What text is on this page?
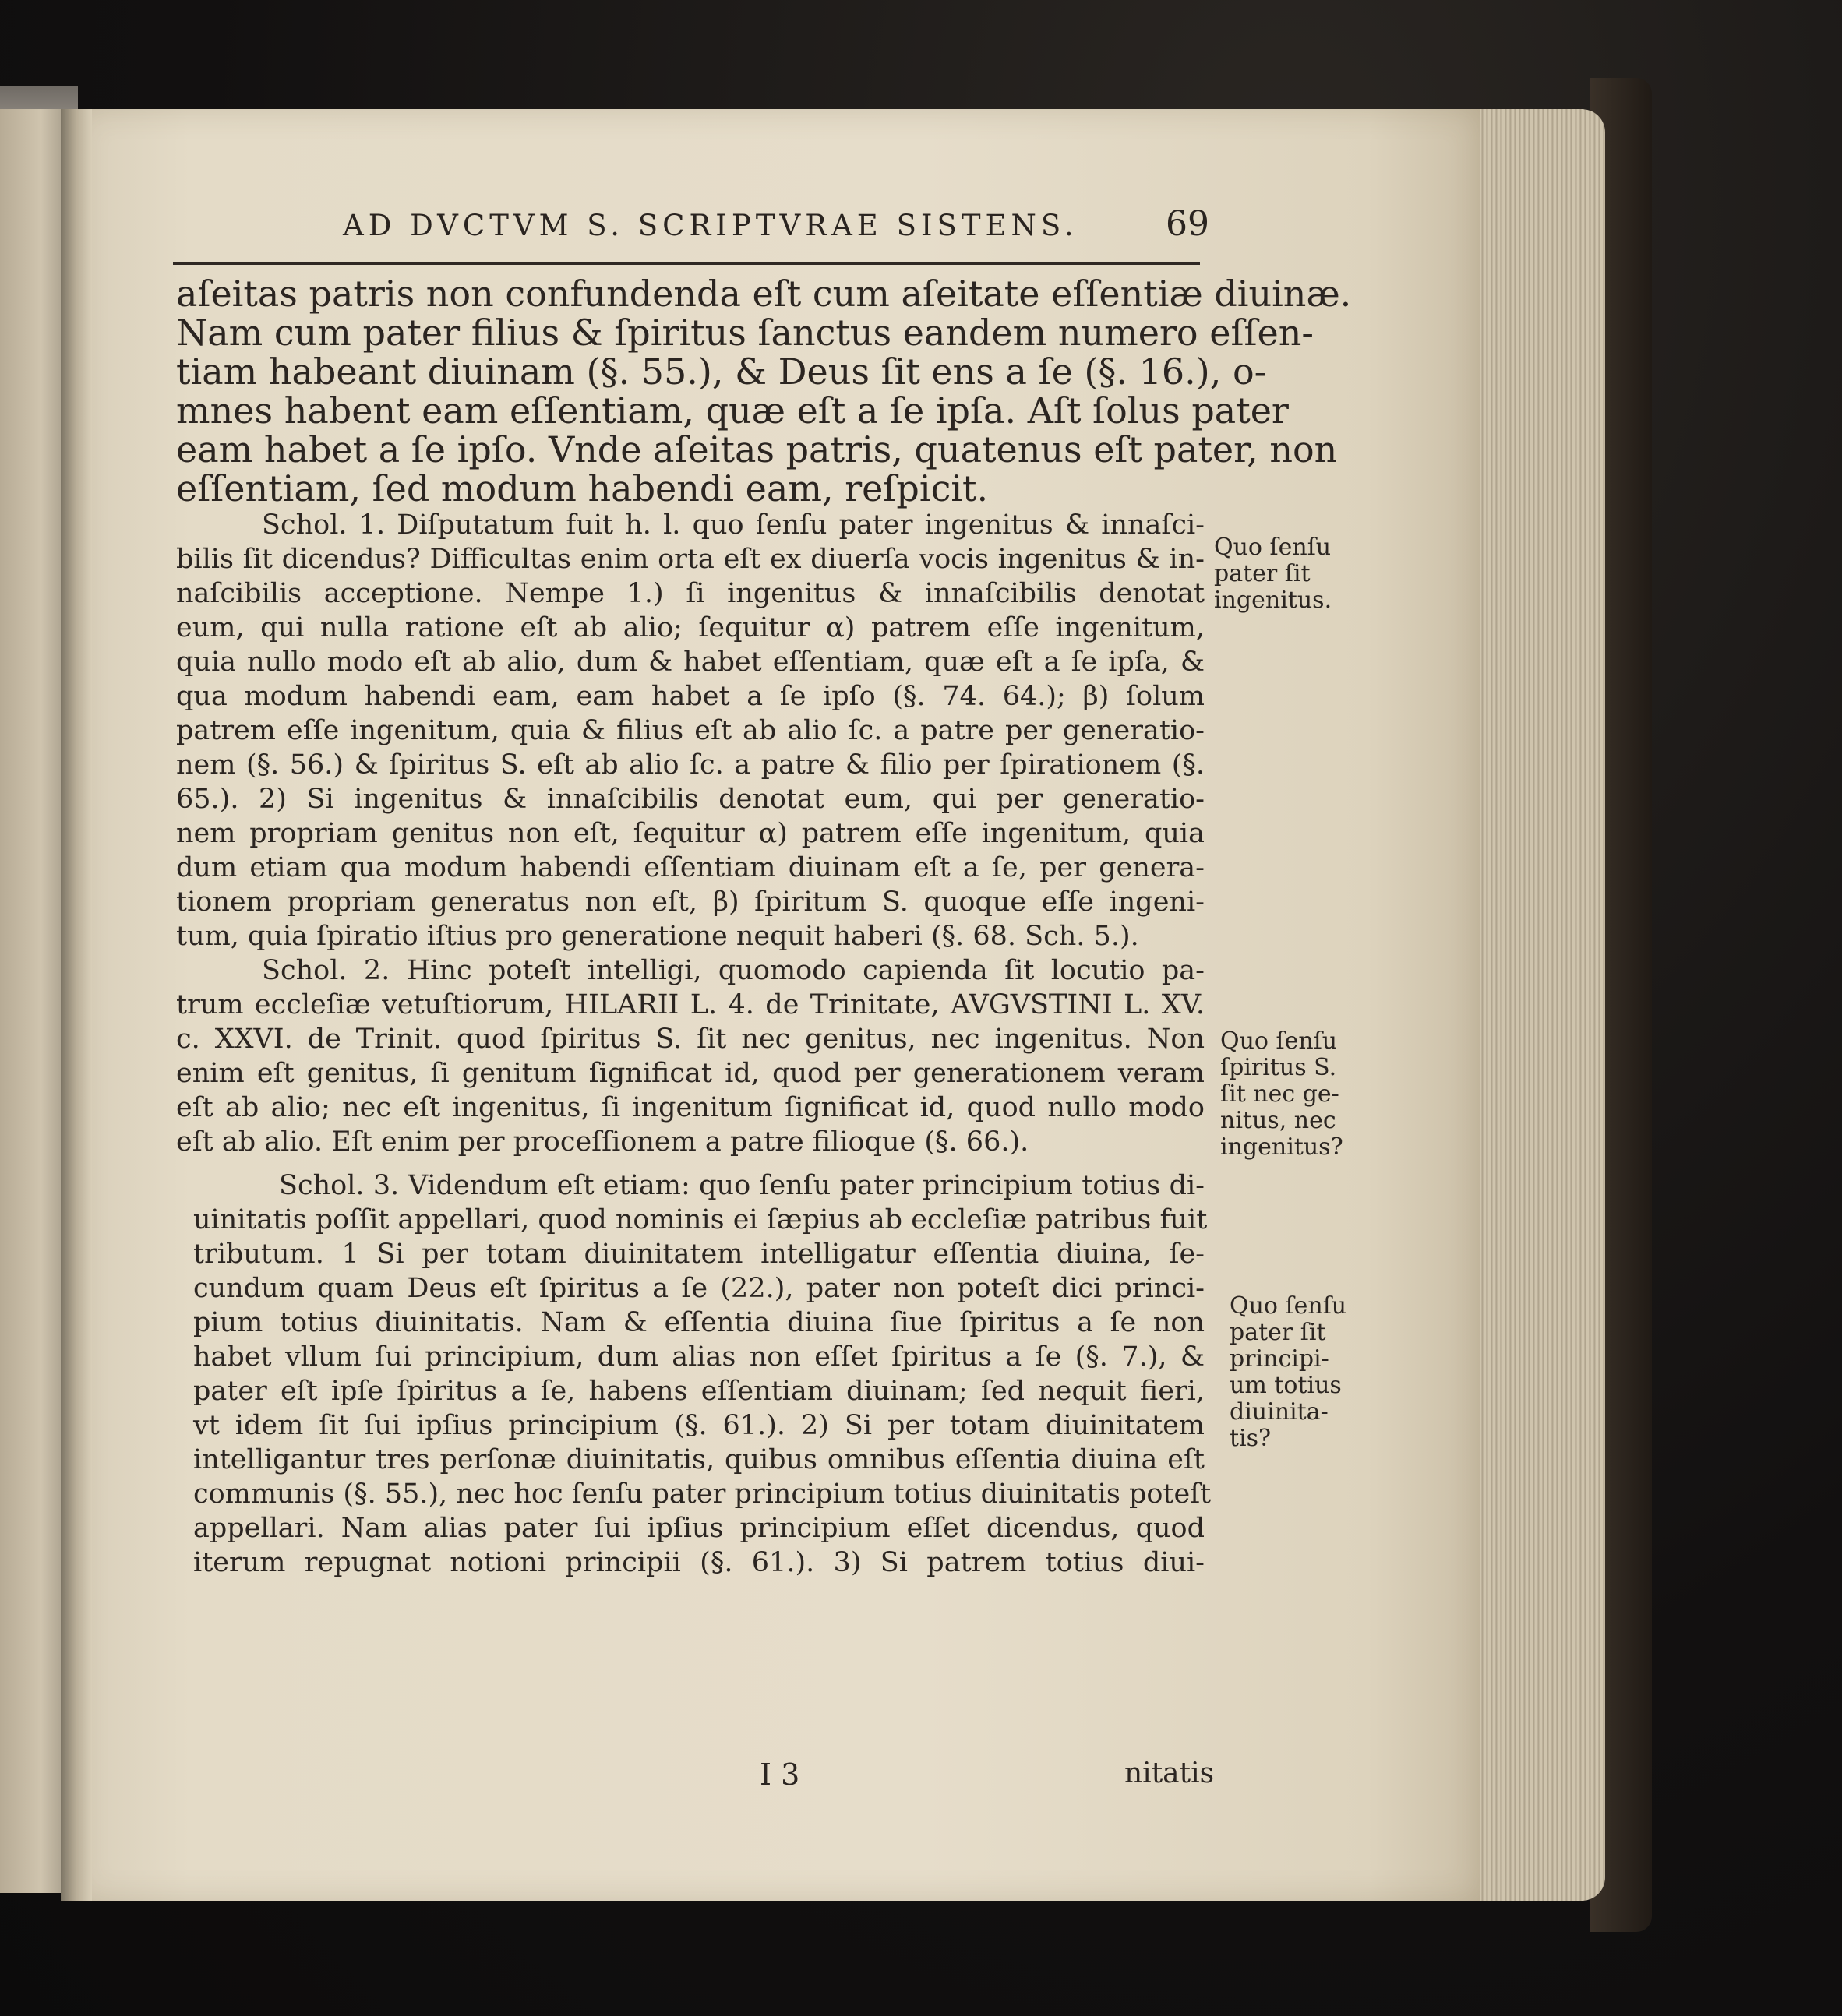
AD DVCTVM S. SCRIPTVRAE SISTENS.	69
aſeitas patris non confundenda eſt cum aſeitate eſſentiæ diuinæ.
Nam cum pater filius & ſpiritus ſanctus eandem numero eſſen-
tiam habeant diuinam (§. 55.), & Deus ſit ens a ſe (§. 16.), o-
mnes habent eam eſſentiam, quæ eſt a ſe ipſa. Aſt ſolus pater
eam habet a ſe ipſo. Vnde aſeitas patris, quatenus eſt pater, non
eſſentiam, ſed modum habendi eam, reſpicit.
Schol. 1. Diſputatum fuit h. l. quo ſenſu pater ingenitus & innaſci-
bilis ſit dicendus? Difficultas enim orta eſt ex diuerſa vocis ingenitus & in-
naſcibilis acceptione. Nempe 1.) ſi ingenitus & innaſcibilis denotat
eum, qui nulla ratione eſt ab alio; ſequitur α) patrem eſſe ingenitum,
quia nullo modo eſt ab alio, dum & habet eſſentiam, quæ eſt a ſe ipſa, &
qua modum habendi eam, eam habet a ſe ipſo (§. 74. 64.); β) ſolum
patrem eſſe ingenitum, quia & filius eſt ab alio ſc. a patre per generatio-
nem (§. 56.) & ſpiritus S. eſt ab alio ſc. a patre & filio per ſpirationem (§.
65.). 2) Si ingenitus & innaſcibilis denotat eum, qui per generatio-
nem propriam genitus non eſt, ſequitur α) patrem eſſe ingenitum, quia
dum etiam qua modum habendi eſſentiam diuinam eſt a ſe, per genera-
tionem propriam generatus non eſt, β) ſpiritum S. quoque eſſe ingeni-
tum, quia ſpiratio iſtius pro generatione nequit haberi (§. 68. Sch. 5.).
Schol. 2. Hinc poteſt intelligi, quomodo capienda ſit locutio pa-
trum eccleſiæ vetuſtiorum, HILARII L. 4. de Trinitate, AVGVSTINI L. XV.
c. XXVI. de Trinit. quod ſpiritus S. ſit nec genitus, nec ingenitus. Non
enim eſt genitus, ſi genitum ſignificat id, quod per generationem veram
eſt ab alio; nec eſt ingenitus, ſi ingenitum ſignificat id, quod nullo modo
eſt ab alio. Eſt enim per proceſſionem a patre filioque (§. 66.).
Schol. 3. Videndum eſt etiam: quo ſenſu pater principium totius di-
uinitatis poſſit appellari, quod nominis ei ſæpius ab eccleſiæ patribus fuit
tributum. 1 Si per totam diuinitatem intelligatur eſſentia diuina, ſe-
cundum quam Deus eſt ſpiritus a ſe (22.), pater non poteſt dici princi-
pium totius diuinitatis. Nam & eſſentia diuina ſiue ſpiritus a ſe non
habet vllum ſui principium, dum alias non eſſet ſpiritus a ſe (§. 7.), &
pater eſt ipſe ſpiritus a ſe, habens eſſentiam diuinam; ſed nequit fieri,
vt idem ſit ſui ipſius principium (§. 61.). 2) Si per totam diuinitatem
intelligantur tres perſonæ diuinitatis, quibus omnibus eſſentia diuina eſt
communis (§. 55.), nec hoc ſenſu pater principium totius diuinitatis poteſt
appellari. Nam alias pater ſui ipſius principium eſſet dicendus, quod
iterum repugnat notioni principii (§. 61.). 3) Si patrem totius diui-
Quo ſenſu
pater ſit
ingenitus.
Quo ſenſu
ſpiritus S.
ſit nec ge-
nitus, nec
ingenitus?
Quo ſenſu
pater ſit
principi-
um totius
diuinita-
tis?
I 3	nitatis
